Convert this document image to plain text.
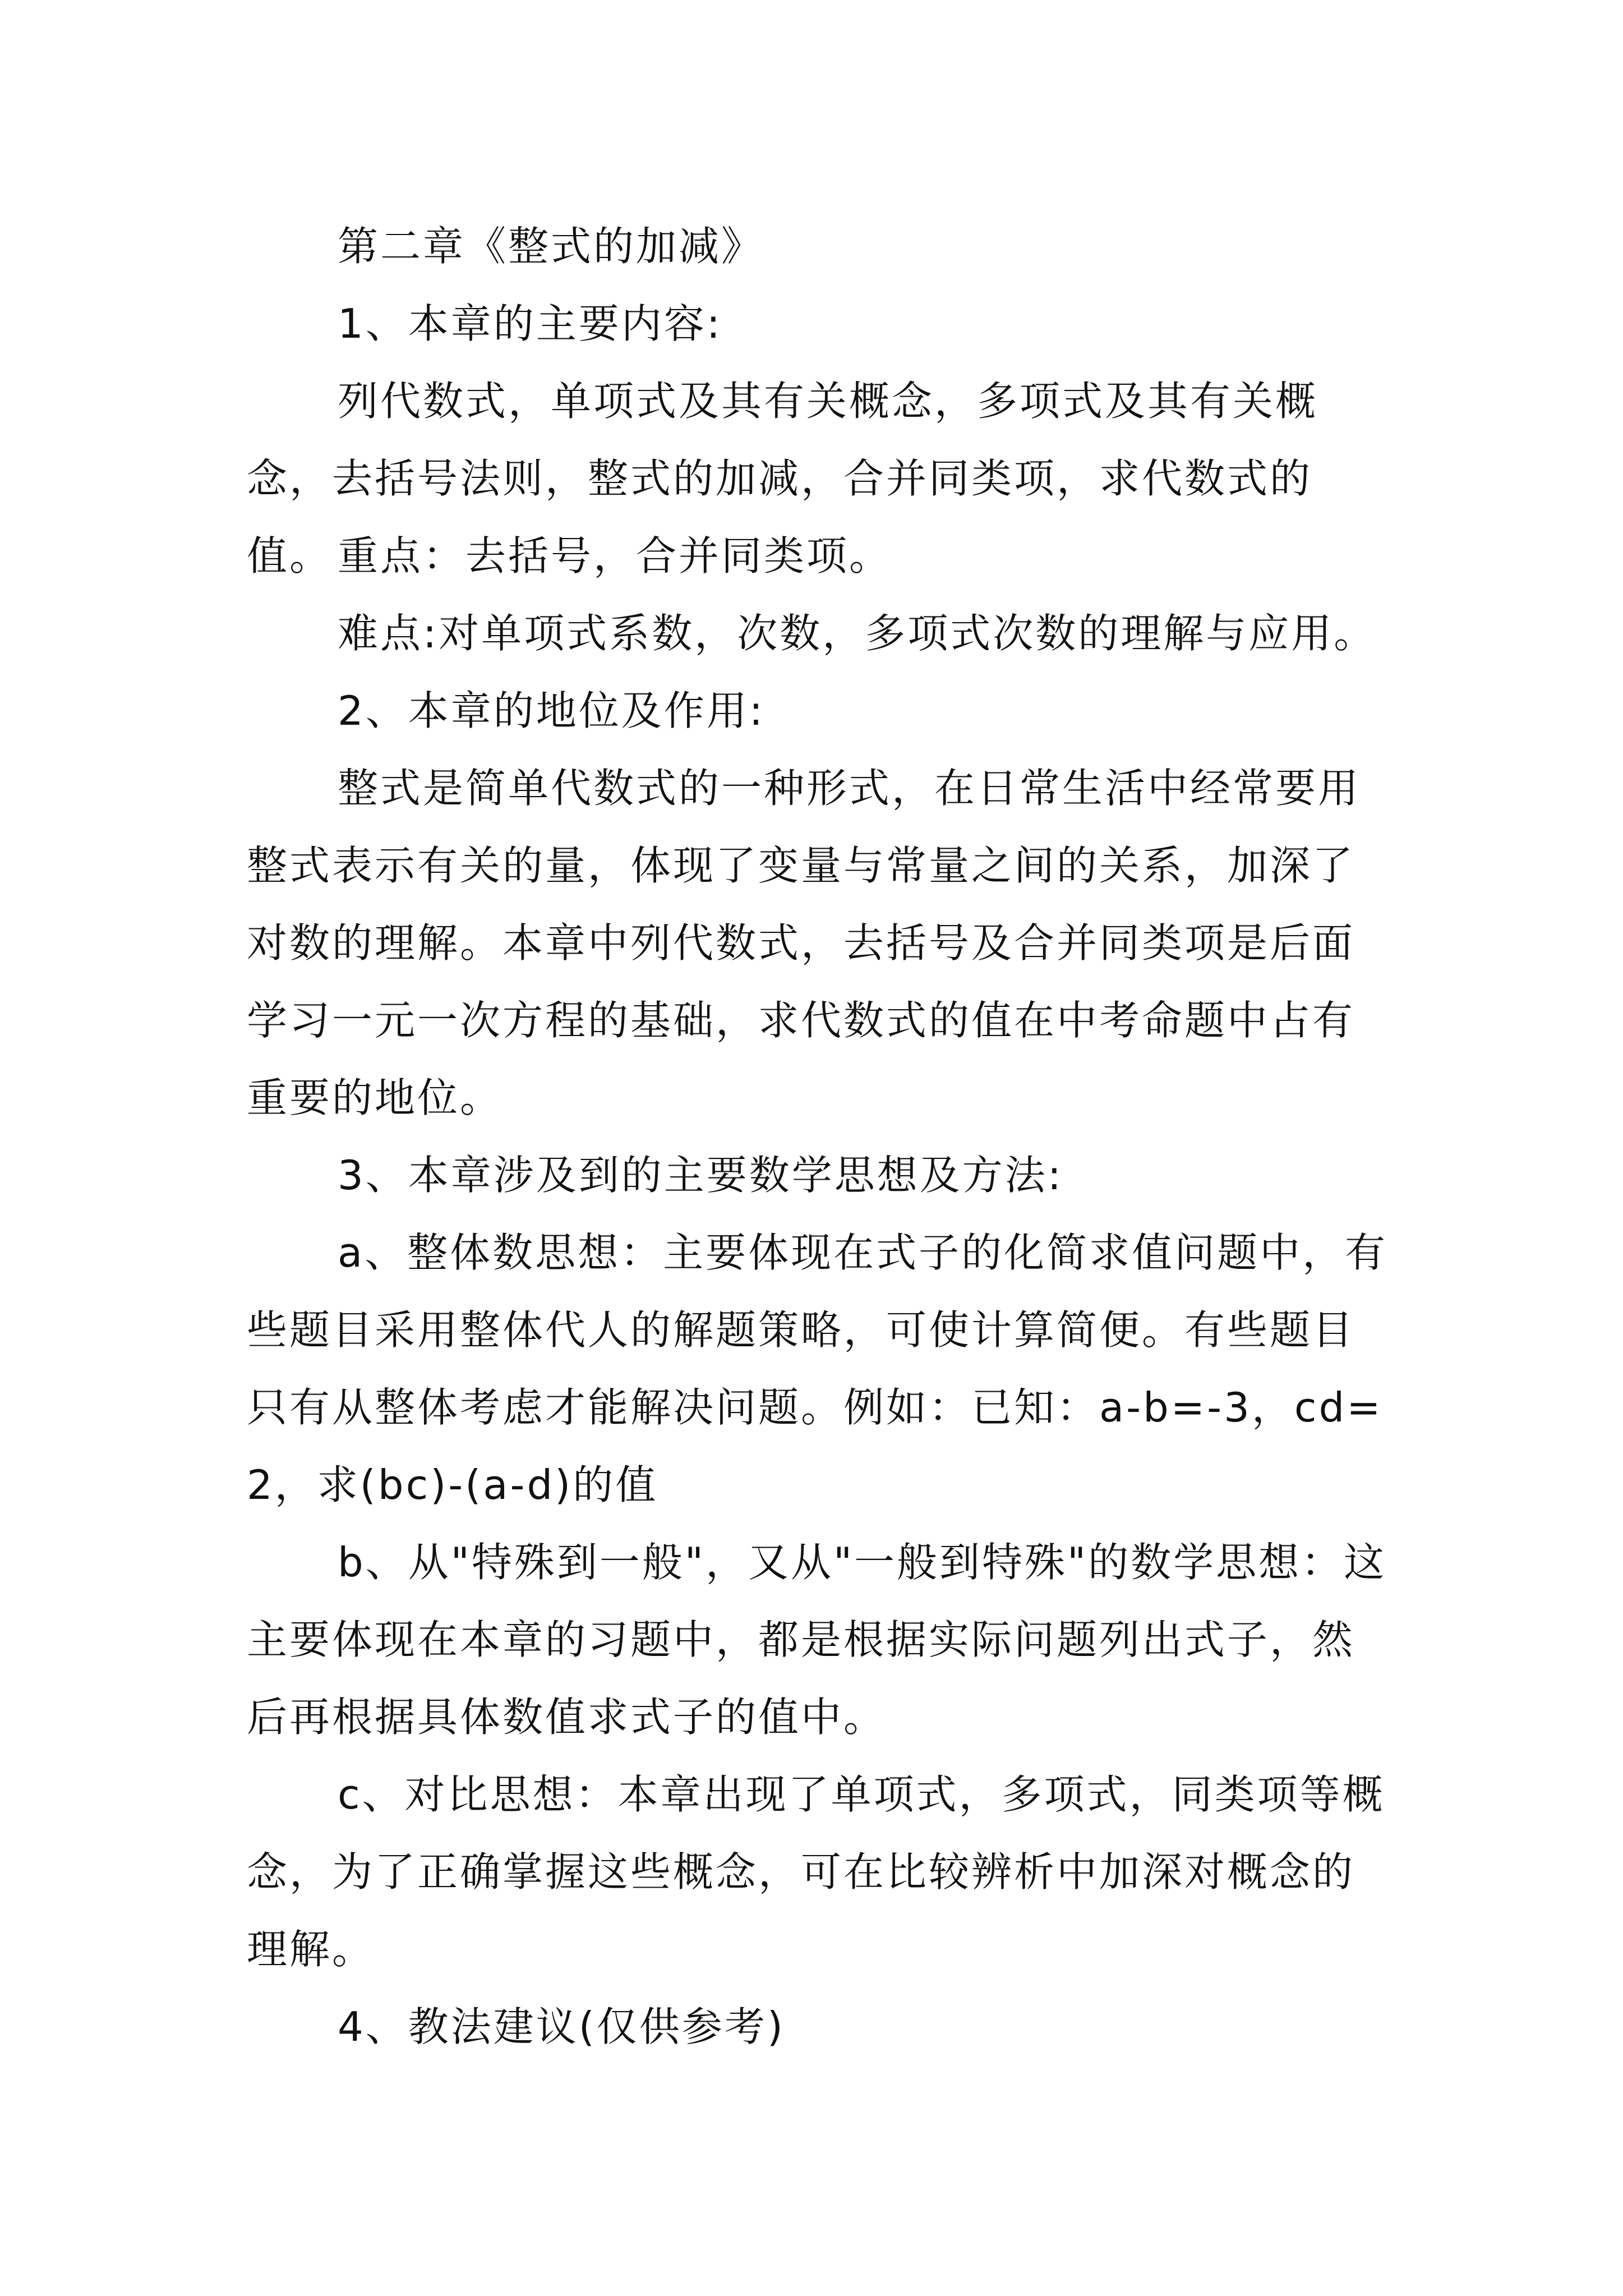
第二章《整式的加减》

1、本章的主要内容:

列代数式，单项式及其有关概念，多项式及其有关概念，去括号法则，整式的加减，合并同类项，求代数式的值。 重点：去括号，合并同类项。

难点:对单项式系数，次数，多项式次数的理解与应用。

2、本章的地位及作用:

整式是简单代数式的一种形式，在日常生活中经常要用整式表示有关的量，体现了变量与常量之间的关系，加深了对数的理解。本章中列代数式，去括号及合并同类项是后面学习一元一次方程的基础，求代数式的值在中考命题中占有重要的地位。

3、本章涉及到的主要数学思想及方法:

a、整体数思想：主要体现在式子的化简求值问题中，有些题目采用整体代人的解题策略，可使计算简便。有些题目只有从整体考虑才能解决问题。例如：已知：a-b=-3，cd=2，求(bc)-(a-d)的值

b、从"特殊到一般"，又从"一般到特殊"的数学思想：这主要体现在本章的习题中，都是根据实际问题列出式子，然后再根据具体数值求式子的值中。

c、对比思想：本章出现了单项式，多项式，同类项等概念，为了正确掌握这些概念，可在比较辨析中加深对概念的理解。

4、教法建议(仅供参考)
